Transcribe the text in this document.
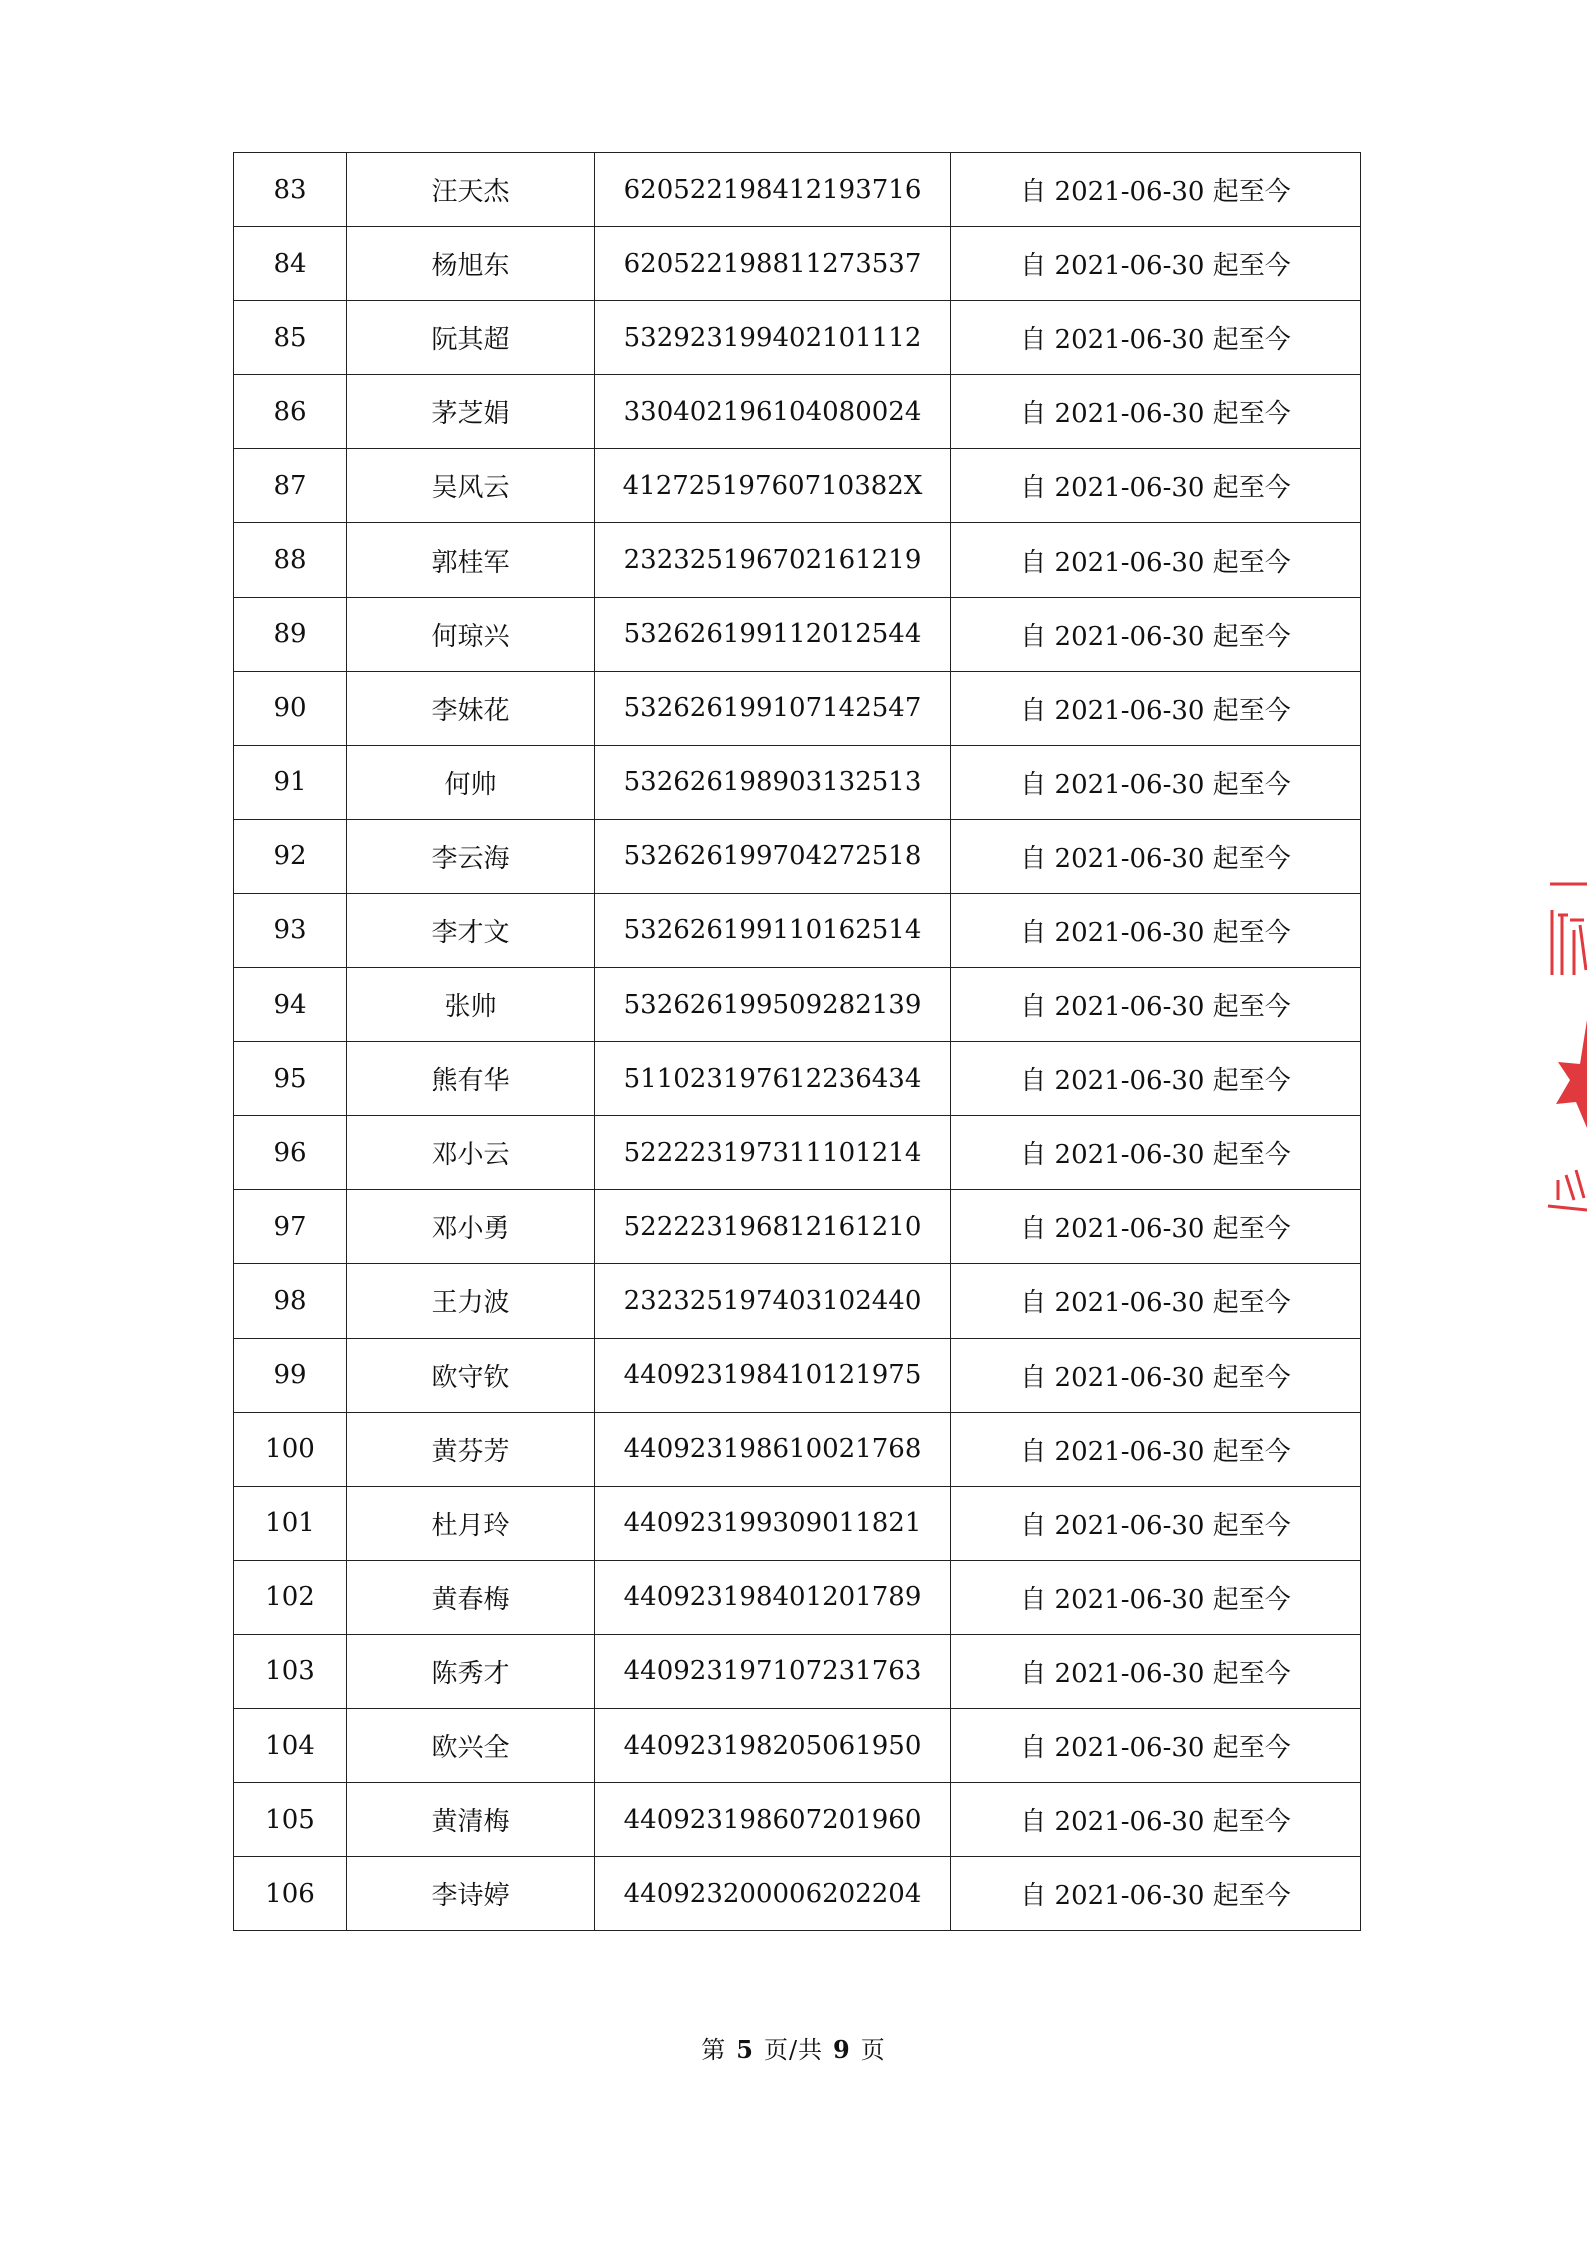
83	汪天杰	620522198412193716	自 2021-06-30 起至今
84	杨旭东	620522198811273537	自 2021-06-30 起至今
85	阮其超	532923199402101112	自 2021-06-30 起至今
86	茅芝娟	330402196104080024	自 2021-06-30 起至今
87	吴风云	41272519760710382X	自 2021-06-30 起至今
88	郭桂军	232325196702161219	自 2021-06-30 起至今
89	何琼兴	532626199112012544	自 2021-06-30 起至今
90	李妹花	532626199107142547	自 2021-06-30 起至今
91	何帅	532626198903132513	自 2021-06-30 起至今
92	李云海	532626199704272518	自 2021-06-30 起至今
93	李才文	532626199110162514	自 2021-06-30 起至今
94	张帅	532626199509282139	自 2021-06-30 起至今
95	熊有华	511023197612236434	自 2021-06-30 起至今
96	邓小云	522223197311101214	自 2021-06-30 起至今
97	邓小勇	522223196812161210	自 2021-06-30 起至今
98	王力波	232325197403102440	自 2021-06-30 起至今
99	欧守钦	440923198410121975	自 2021-06-30 起至今
100	黄芬芳	440923198610021768	自 2021-06-30 起至今
101	杜月玲	440923199309011821	自 2021-06-30 起至今
102	黄春梅	440923198401201789	自 2021-06-30 起至今
103	陈秀才	440923197107231763	自 2021-06-30 起至今
104	欧兴全	440923198205061950	自 2021-06-30 起至今
105	黄清梅	440923198607201960	自 2021-06-30 起至今
106	李诗婷	440923200006202204	自 2021-06-30 起至今
第 5 页/共 9 页
